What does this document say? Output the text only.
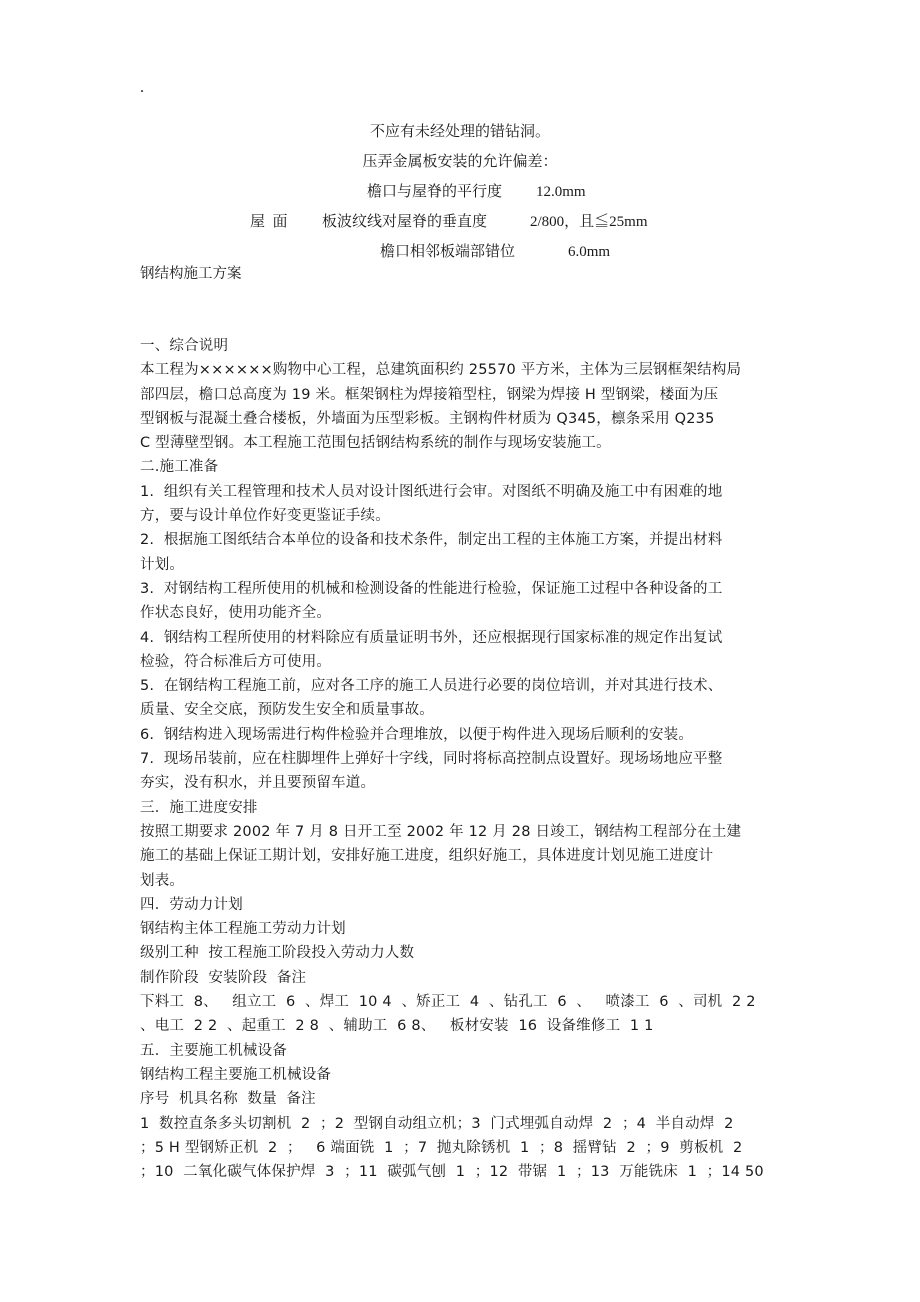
.
不应有未经处理的错钻洞。
压弄金属板安装的允许偏差：
檐口与屋脊的平行度 12.0mm
屋  面 板波纹线对屋脊的垂直度	2/800，且≦25mm
檐口相邻板端部错位	6.0mm
钢结构施工方案

一、综合说明

本工程为××××××购物中心工程，总建筑面积约 25570 平方米，主体为三层钢框架结构局

部四层，檐口总高度为 19 米。框架钢柱为焊接箱型柱，钢梁为焊接 H 型钢梁，楼面为压

型钢板与混凝土叠合楼板，外墙面为压型彩板。主钢构件材质为 Q345，檩条采用 Q235

C 型薄壁型钢。本工程施工范围包括钢结构系统的制作与现场安装施工。

二.施工准备

1.  组织有关工程管理和技术人员对设计图纸进行会审。对图纸不明确及施工中有困难的地

方，要与设计单位作好变更鉴证手续。

2.  根据施工图纸结合本单位的设备和技术条件，制定出工程的主体施工方案，并提出材料

计划。

3.  对钢结构工程所使用的机械和检测设备的性能进行检验，保证施工过程中各种设备的工

作状态良好，使用功能齐全。

4.  钢结构工程所使用的材料除应有质量证明书外，还应根据现行国家标准的规定作出复试

检验，符合标准后方可使用。

5.  在钢结构工程施工前，应对各工序的施工人员进行必要的岗位培训，并对其进行技术、

质量、安全交底，预防发生安全和质量事故。

6.  钢结构进入现场需进行构件检验并合理堆放，以便于构件进入现场后顺利的安装。

7.  现场吊装前，应在柱脚埋件上弹好十字线，同时将标高控制点设置好。现场场地应平整

夯实，没有积水，并且要预留车道。

三．施工进度安排

按照工期要求 2002 年 7 月 8 日开工至 2002 年 12 月 28 日竣工，钢结构工程部分在土建

施工的基础上保证工期计划，安排好施工进度，组织好施工，具体进度计划见施工进度计

划表。

四．劳动力计划

钢结构主体工程施工劳动力计划

级别工种  按工程施工阶段投入劳动力人数

制作阶段  安装阶段  备注

下料工  8、   组立工  6  、焊工  10 4  、矫正工  4  、钻孔工  6  、   喷漆工  6  、司机  2 2

、电工  2 2  、起重工  2 8  、辅助工  6 8、   板材安装  16  设备维修工  1 1

五．主要施工机械设备

钢结构工程主要施工机械设备

序号  机具名称  数量  备注

1  数控直条多头切割机  2  ；2  型钢自动组立机；3  门式埋弧自动焊  2  ；4  半自动焊  2

；5 H 型钢矫正机  2  ；   6 端面铣  1  ；7  抛丸除锈机  1  ；8  摇臂钻  2  ；9  剪板机  2

；10  二氧化碳气体保护焊  3  ；11  碳弧气刨  1  ；12  带锯  1  ；13  万能铣床  1  ；14 50
